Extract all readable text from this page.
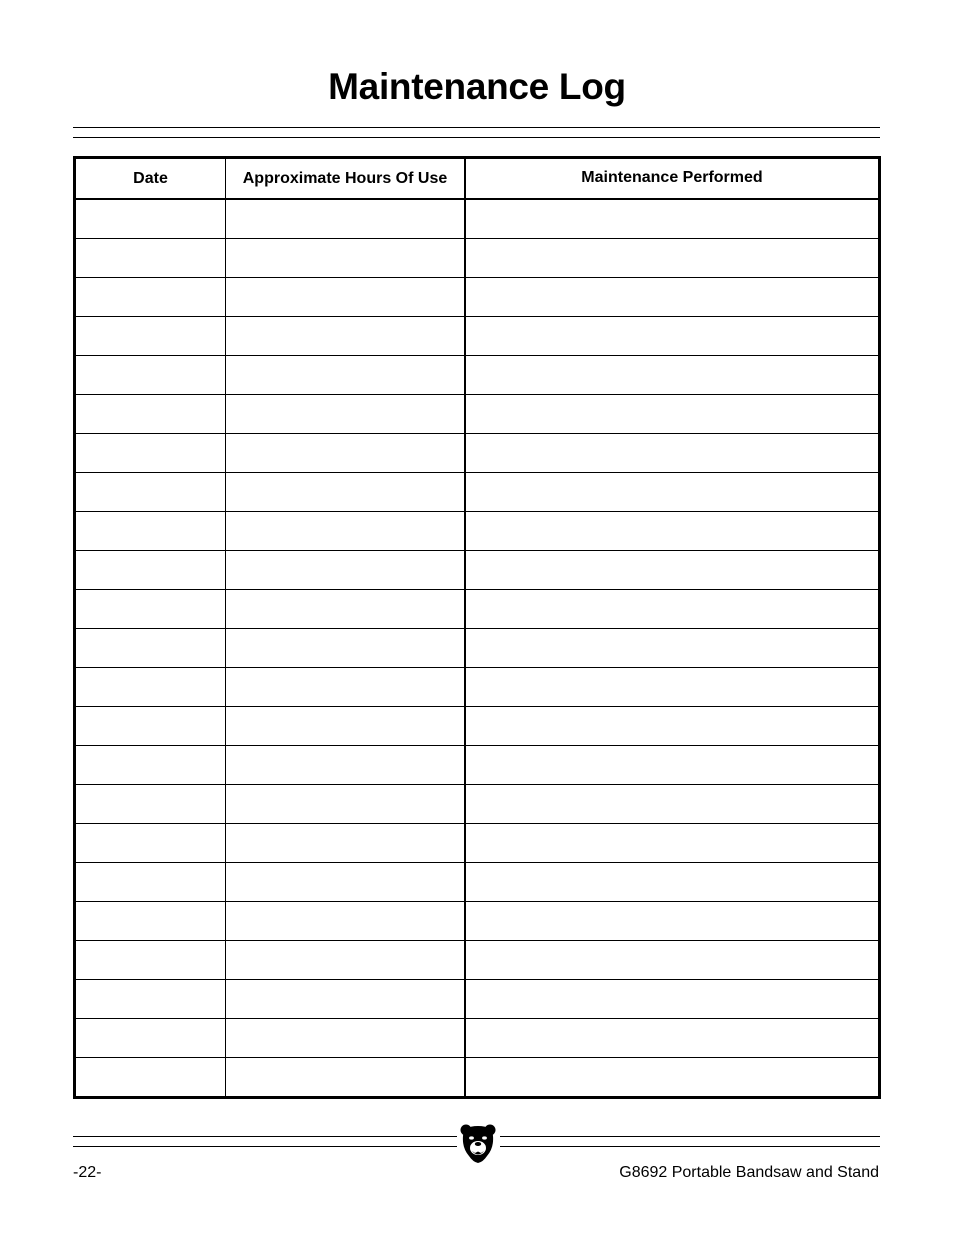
Maintenance Log
Date	Approximate Hours Of Use	Maintenance Performed

-22-	G8692 Portable Bandsaw and Stand
